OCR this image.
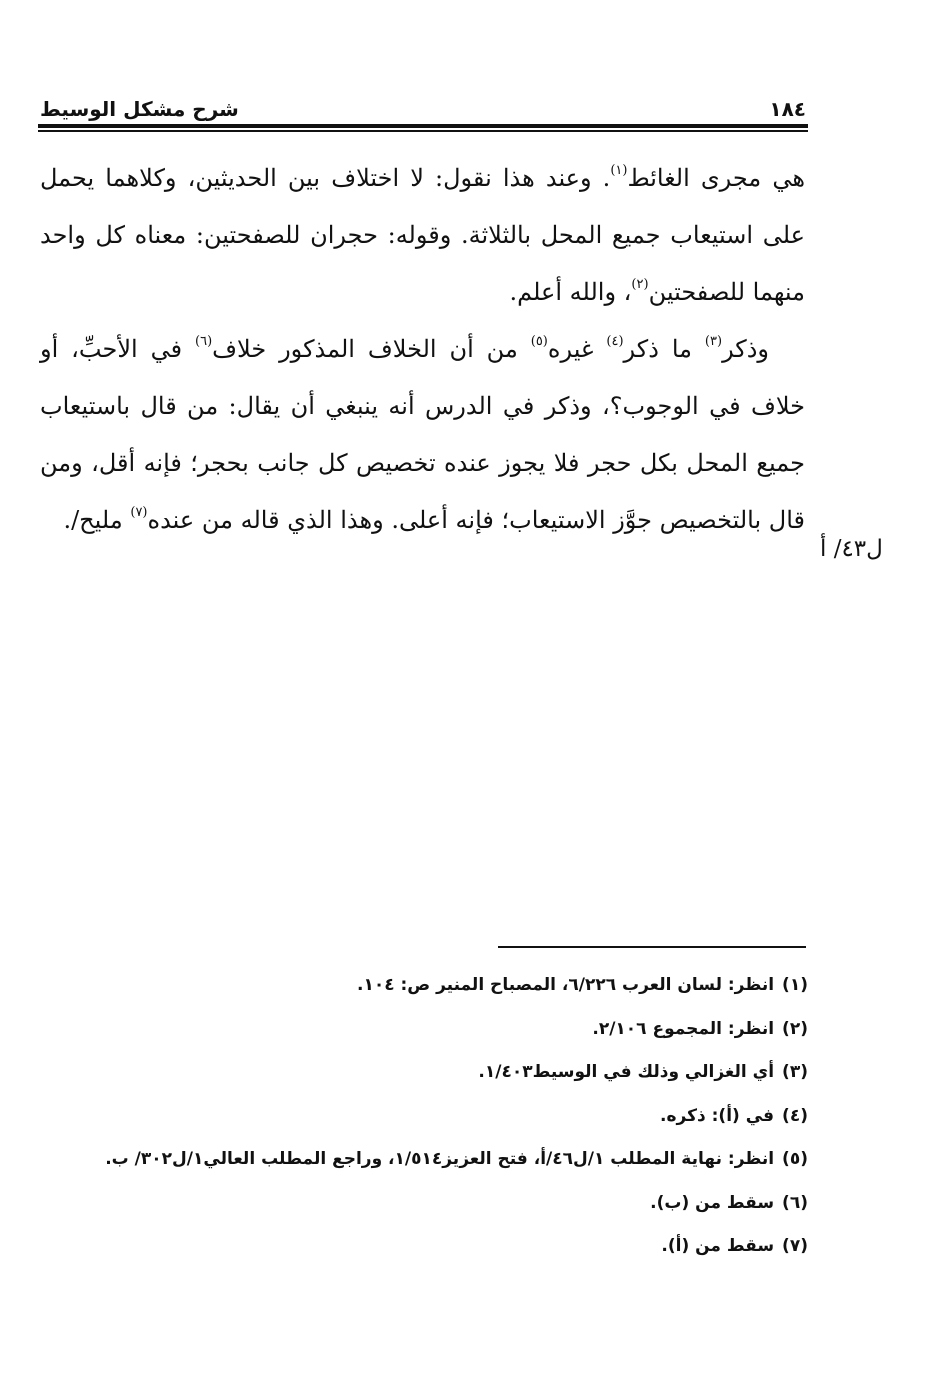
١٨٤
شرح مشكل الوسيط

هي مجرى الغائط$^{(١)}$. وعند هذا نقول: لا اختلاف بين الحديثين، وكلاهما يحمل على استيعاب جميع المحل بالثلاثة. وقوله: حجران للصفحتين: معناه كل واحد منهما للصفحتين$^{(٢)}$، والله أعلم.

وذكر$^{(٣)}$ ما ذكر$^{(٤)}$ غيره$^{(٥)}$ من أن الخلاف المذكور خلاف$^{(٦)}$ في الأحبِّ، أو خلاف في الوجوب؟، وذكر في الدرس أنه ينبغي أن يقال: من قال باستيعاب جميع المحل بكل حجر فلا يجوز عنده تخصيص كل جانب بحجر؛ فإنه أقل، ومن قال بالتخصيص جوَّز الاستيعاب؛ فإنه أعلى. وهذا الذي قاله من عنده$^{(٧)}$ مليح/.

ل٤٣/ أ
(١)انظر: لسان العرب ٦/٢٢٦، المصباح المنير ص: ١٠٤.
(٢)انظر: المجموع ٢/١٠٦.
(٣)أي الغزالي وذلك في الوسيط١/٤٠٣.
(٤)في (أ): ذكره.
(٥)انظر: نهاية المطلب ١/ل٤٦/أ، فتح العزيز١/٥١٤، وراجع المطلب العالي١/ل٣٠٢/ ب.
(٦)سقط من (ب).
(٧)سقط من (أ).
